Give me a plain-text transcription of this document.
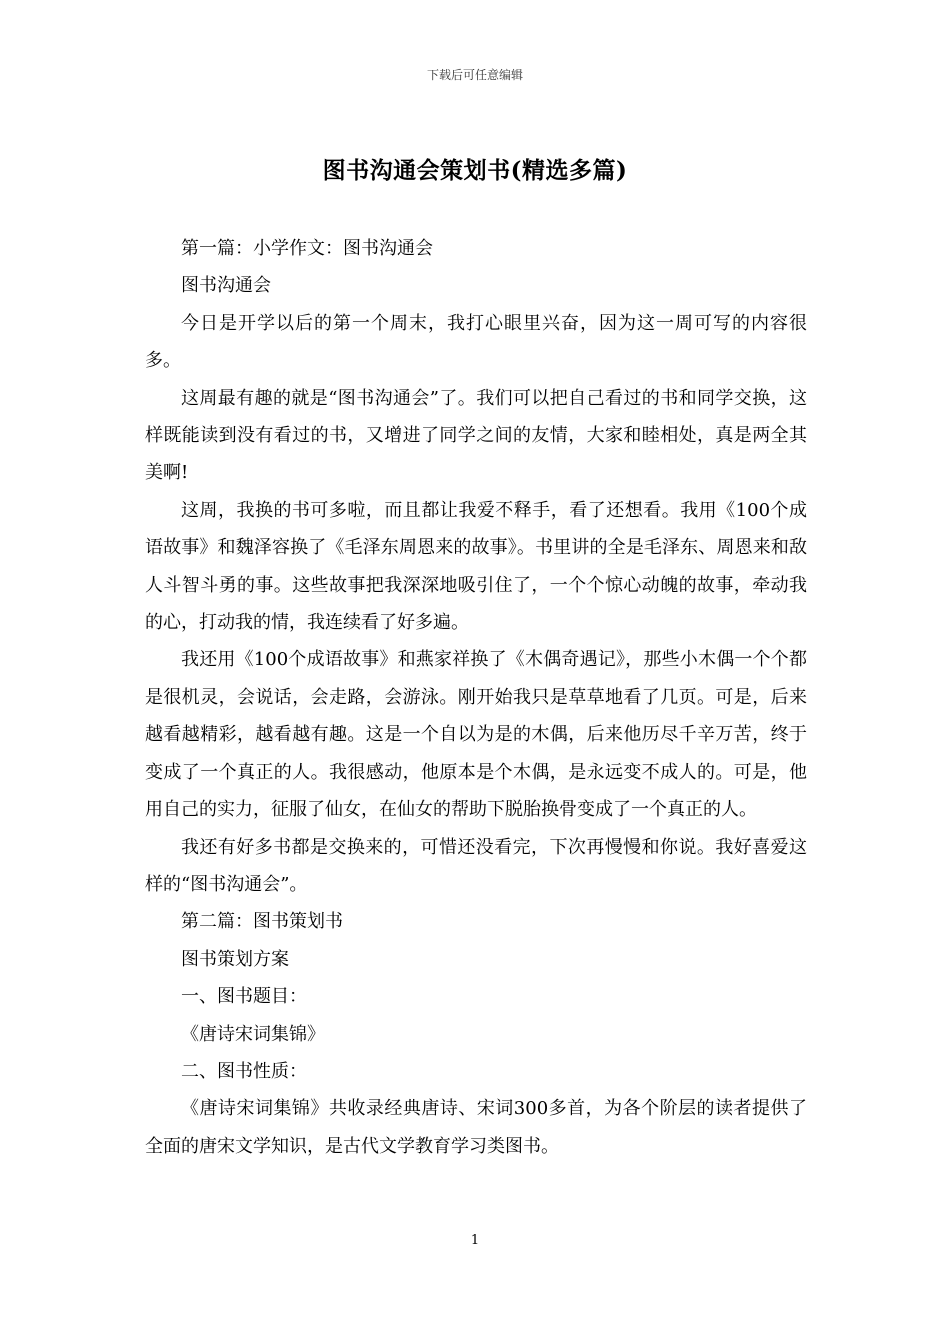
下载后可任意编辑
图书沟通会策划书(精选多篇)

第一篇：小学作文：图书沟通会

图书沟通会

今日是开学以后的第一个周末，我打心眼里兴奋，因为这一周可写的内容很多。

这周最有趣的就是“图书沟通会”了。我们可以把自己看过的书和同学交换，这样既能读到没有看过的书，又增进了同学之间的友情，大家和睦相处，真是两全其美啊!

这周，我换的书可多啦，而且都让我爱不释手，看了还想看。我用《100个成语故事》和魏泽容换了《毛泽东周恩来的故事》。书里讲的全是毛泽东、周恩来和敌人斗智斗勇的事。这些故事把我深深地吸引住了，一个个惊心动魄的故事，牵动我的心，打动我的情，我连续看了好多遍。

我还用《100个成语故事》和燕家祥换了《木偶奇遇记》，那些小木偶一个个都是很机灵，会说话，会走路，会游泳。刚开始我只是草草地看了几页。可是，后来越看越精彩，越看越有趣。这是一个自以为是的木偶，后来他历尽千辛万苦，终于变成了一个真正的人。我很感动，他原本是个木偶，是永远变不成人的。可是，他用自己的实力，征服了仙女，在仙女的帮助下脱胎换骨变成了一个真正的人。

我还有好多书都是交换来的，可惜还没看完，下次再慢慢和你说。我好喜爱这样的“图书沟通会”。

第二篇：图书策划书

图书策划方案

一、图书题目：

《唐诗宋词集锦》

二、图书性质：

《唐诗宋词集锦》共收录经典唐诗、宋词300多首，为各个阶层的读者提供了全面的唐宋文学知识，是古代文学教育学习类图书。

1
